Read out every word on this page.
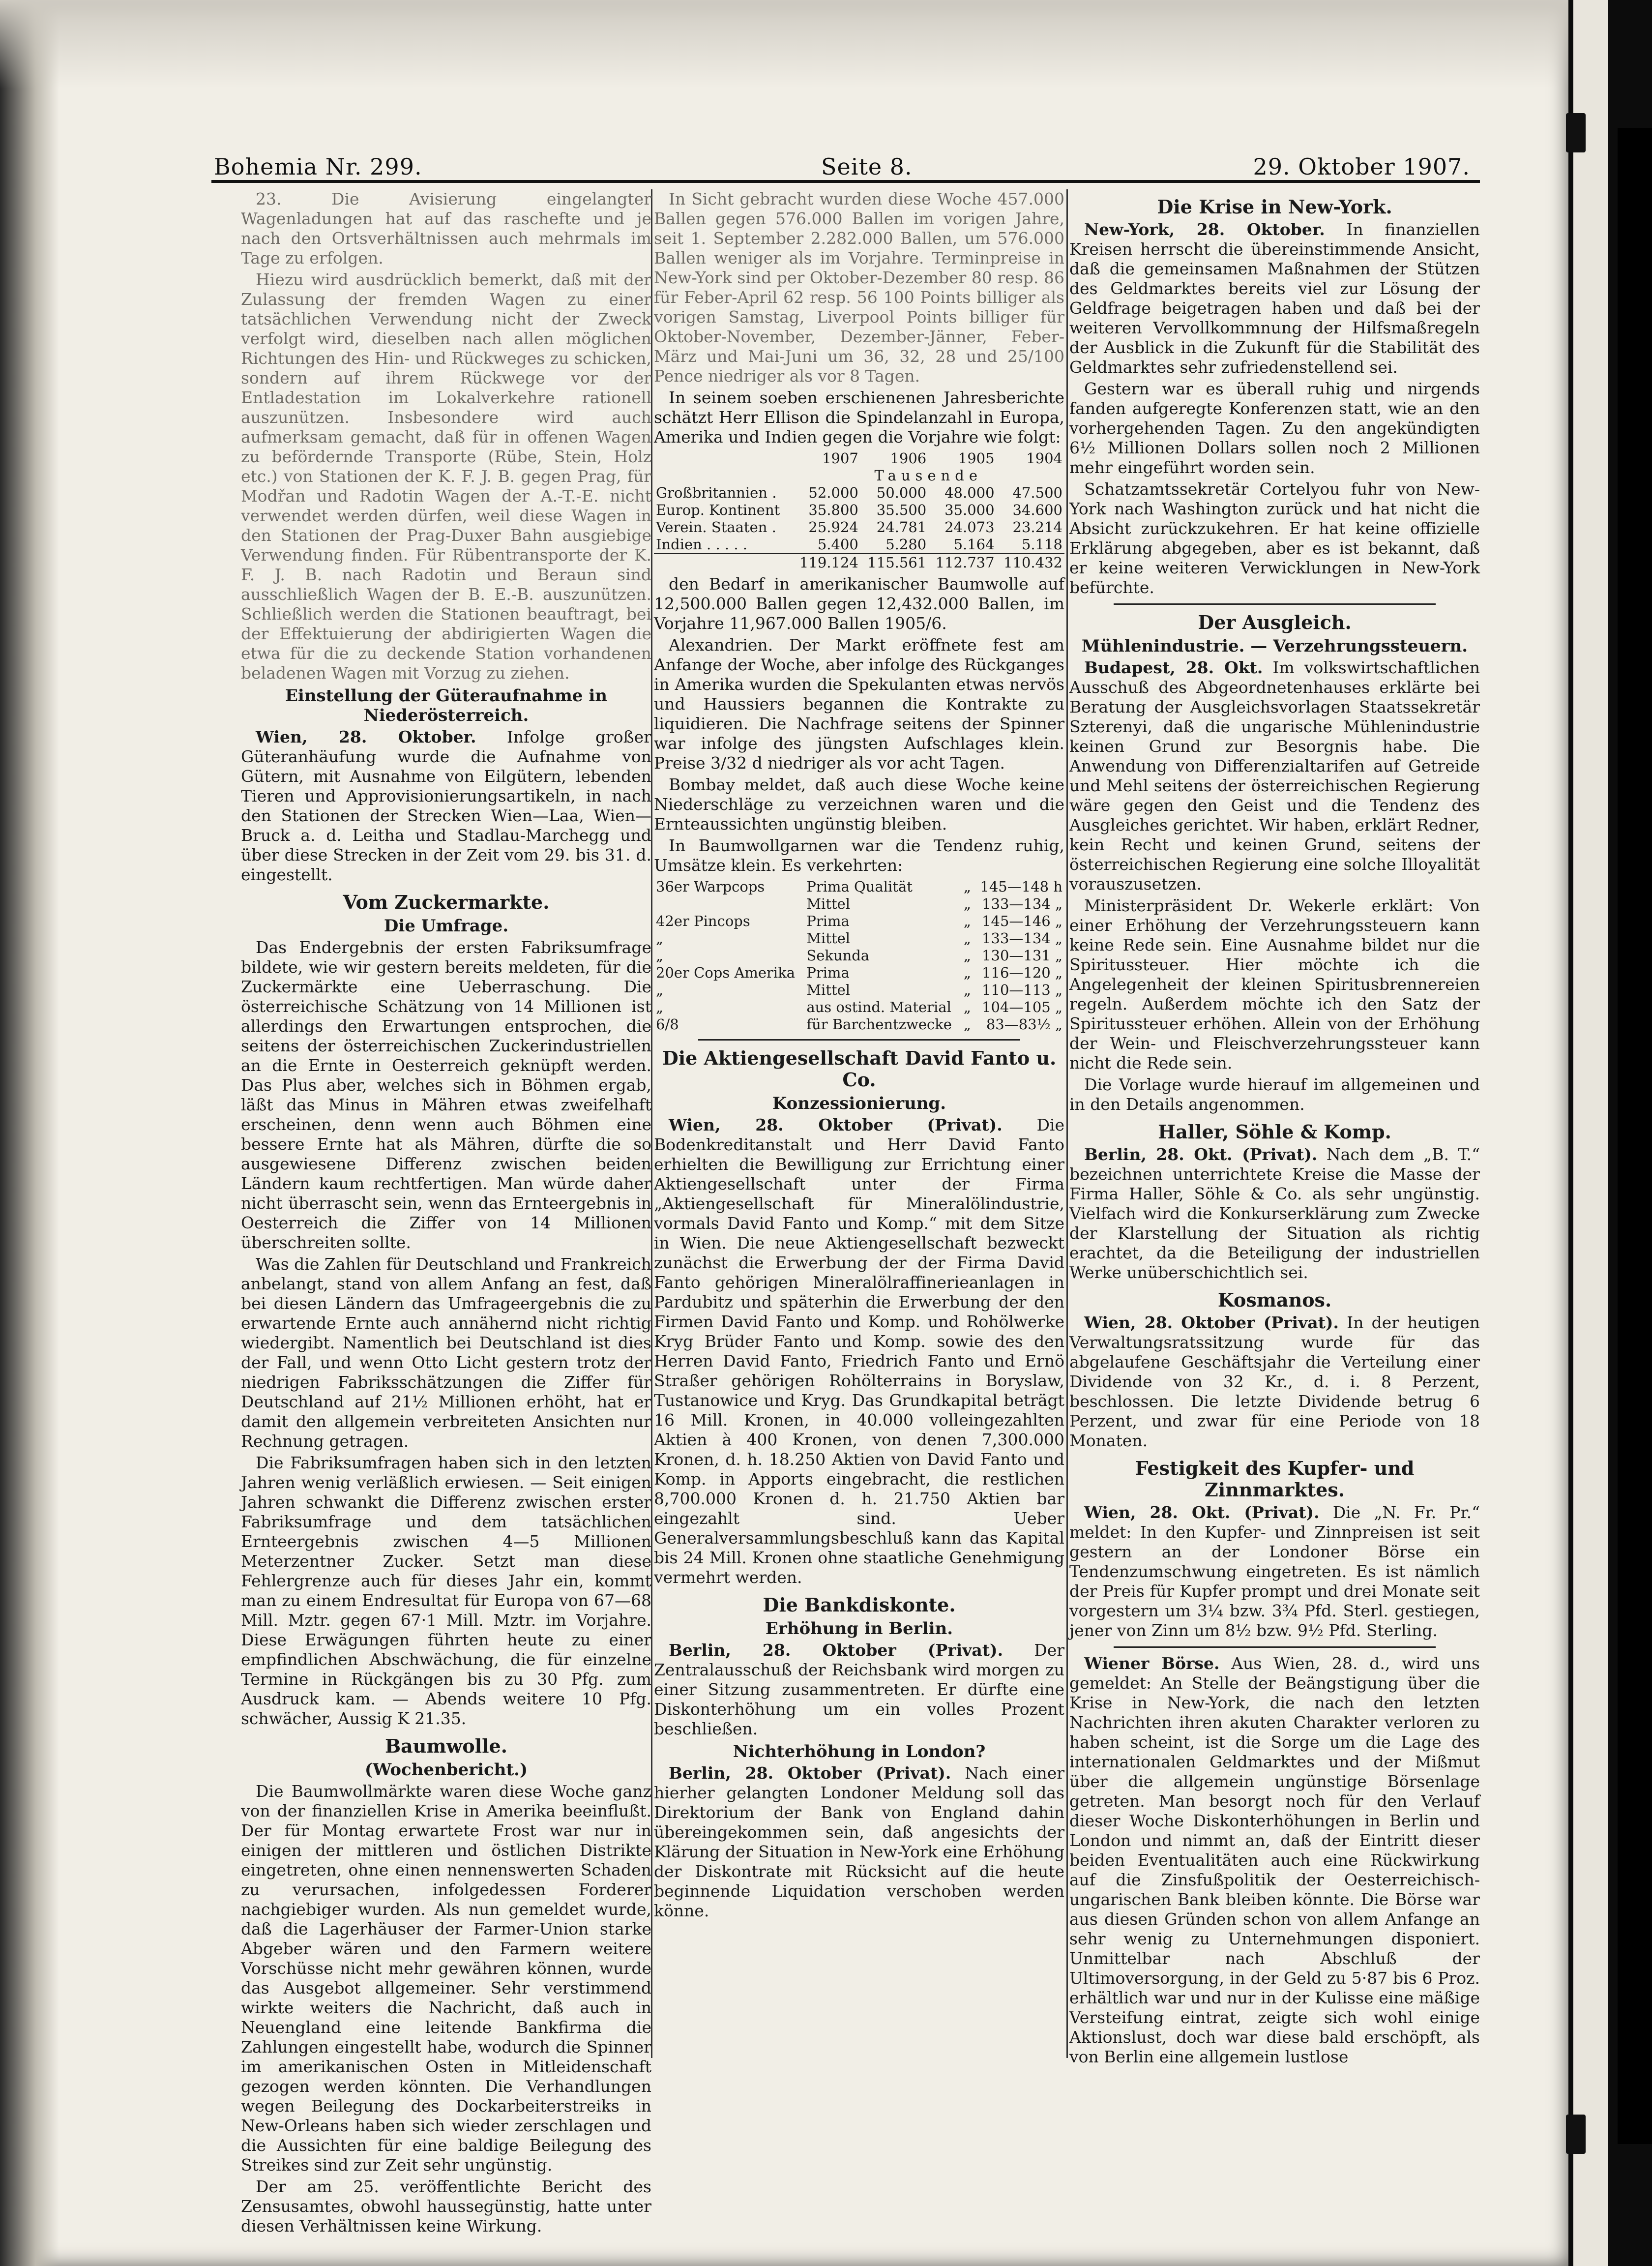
Bohemia Nr. 299.	Seite 8.	29. Oktober 1907.

23. Die Avisierung eingelangter Wagenladungen hat auf das raschefte und je nach den Ortsverhältnissen auch mehrmals im Tage zu erfolgen.

Hiezu wird ausdrücklich bemerkt, daß mit der Zulassung der fremden Wagen zu einer tatsächlichen Verwendung nicht der Zweck verfolgt wird, dieselben nach allen möglichen Richtungen des Hin- und Rückweges zu schicken, sondern auf ihrem Rückwege vor der Entladestation im Lokalverkehre rationell auszunützen. Insbesondere wird auch aufmerksam gemacht, daß für in offenen Wagen zu befördernde Transporte (Rübe, Stein, Holz etc.) von Stationen der K. F. J. B. gegen Prag, für Modřan und Radotin Wagen der A.-T.-E. nicht verwendet werden dürfen, weil diese Wagen in den Stationen der Prag-Duxer Bahn ausgiebige Verwendung finden. Für Rübentransporte der K. F. J. B. nach Radotin und Beraun sind ausschließlich Wagen der B. E.-B. auszunützen. Schließlich werden die Stationen beauftragt, bei der Effektuierung der abdirigierten Wagen die etwa für die zu deckende Station vorhandenen beladenen Wagen mit Vorzug zu ziehen.

Einstellung der Güteraufnahme in Niederösterreich.

Wien, 28. Oktober. Infolge großer Güteranhäufung wurde die Aufnahme von Gütern, mit Ausnahme von Eilgütern, lebenden Tieren und Approvisionierungsartikeln, in nach den Stationen der Strecken Wien—Laa, Wien—Bruck a. d. Leitha und Stadlau-Marchegg und über diese Strecken in der Zeit vom 29. bis 31. d. eingestellt.

Vom Zuckermarkte.
Die Umfrage.

Das Endergebnis der ersten Fabriksumfrage bildete, wie wir gestern bereits meldeten, für die Zuckermärkte eine Ueberraschung. Die österreichische Schätzung von 14 Millionen ist allerdings den Erwartungen entsprochen, die seitens der österreichischen Zuckerindustriellen an die Ernte in Oesterreich geknüpft werden. Das Plus aber, welches sich in Böhmen ergab, läßt das Minus in Mähren etwas zweifelhaft erscheinen, denn wenn auch Böhmen eine bessere Ernte hat als Mähren, dürfte die so ausgewiesene Differenz zwischen beiden Ländern kaum rechtfertigen. Man würde daher nicht überrascht sein, wenn das Ernteergebnis in Oesterreich die Ziffer von 14 Millionen überschreiten sollte.

Was die Zahlen für Deutschland und Frankreich anbelangt, stand von allem Anfang an fest, daß bei diesen Ländern das Umfrageergebnis die zu erwartende Ernte auch annähernd nicht richtig wiedergibt. Namentlich bei Deutschland ist dies der Fall, und wenn Otto Licht gestern trotz der niedrigen Fabriksschätzungen die Ziffer für Deutschland auf 21½ Millionen erhöht, hat er damit den allgemein verbreiteten Ansichten nur Rechnung getragen.

Die Fabriksumfragen haben sich in den letzten Jahren wenig verläßlich erwiesen. — Seit einigen Jahren schwankt die Differenz zwischen erster Fabriksumfrage und dem tatsächlichen Ernteergebnis zwischen 4—5 Millionen Meterzentner Zucker. Setzt man diese Fehlergrenze auch für dieses Jahr ein, kommt man zu einem Endresultat für Europa von 67—68 Mill. Mztr. gegen 67·1 Mill. Mztr. im Vorjahre. Diese Erwägungen führten heute zu einer empfindlichen Abschwächung, die für einzelne Termine in Rückgängen bis zu 30 Pfg. zum Ausdruck kam. — Abends weitere 10 Pfg. schwächer, Aussig K 21.35.

Baumwolle.
(Wochenbericht.)

Die Baumwollmärkte waren diese Woche ganz von der finanziellen Krise in Amerika beeinflußt. Der für Montag erwartete Frost war nur in einigen der mittleren und östlichen Distrikte eingetreten, ohne einen nennenswerten Schaden zu verursachen, infolgedessen Forderer nachgiebiger wurden. Als nun gemeldet wurde, daß die Lagerhäuser der Farmer-Union starke Abgeber wären und den Farmern weitere Vorschüsse nicht mehr gewähren können, wurde das Ausgebot allgemeiner. Sehr verstimmend wirkte weiters die Nachricht, daß auch in Neuengland eine leitende Bankfirma die Zahlungen eingestellt habe, wodurch die Spinner im amerikanischen Osten in Mitleidenschaft gezogen werden könnten. Die Verhandlungen wegen Beilegung des Dockarbeiterstreiks in New-Orleans haben sich wieder zerschlagen und die Aussichten für eine baldige Beilegung des Streikes sind zur Zeit sehr ungünstig.

Der am 25. veröffentlichte Bericht des Zensusamtes, obwohl haussegünstig, hatte unter diesen Verhältnissen keine Wirkung.

In Sicht gebracht wurden diese Woche 457.000 Ballen gegen 576.000 Ballen im vorigen Jahre, seit 1. September 2.282.000 Ballen, um 576.000 Ballen weniger als im Vorjahre. Terminpreise in New-York sind per Oktober-Dezember 80 resp. 86 für Feber-April 62 resp. 56 100 Points billiger als vorigen Samstag, Liverpool Points billiger für Oktober-November, Dezember-Jänner, Feber-März und Mai-Juni um 36, 32, 28 und 25/100 Pence niedriger als vor 8 Tagen.

In seinem soeben erschienenen Jahresberichte schätzt Herr Ellison die Spindelanzahl in Europa, Amerika und Indien gegen die Vorjahre wie folgt:

	1907	1906	1905	1904
	Tausende			
Großbritannien .	52.000	50.000	48.000	47.500
Europ. Kontinent	35.800	35.500	35.000	34.600
Verein. Staaten .	25.924	24.781	24.073	23.214
Indien . . . . .	5.400	5.280	5.164	5.118
	119.124	115.561	112.737	110.432

den Bedarf in amerikanischer Baumwolle auf 12,500.000 Ballen gegen 12,432.000 Ballen, im Vorjahre 11,967.000 Ballen 1905/6.

Alexandrien. Der Markt eröffnete fest am Anfange der Woche, aber infolge des Rückganges in Amerika wurden die Spekulanten etwas nervös und Haussiers begannen die Kontrakte zu liquidieren. Die Nachfrage seitens der Spinner war infolge des jüngsten Aufschlages klein. Preise 3/32 d niedriger als vor acht Tagen.

Bombay meldet, daß auch diese Woche keine Niederschläge zu verzeichnen waren und die Ernteaussichten ungünstig bleiben.

In Baumwollgarnen war die Tendenz ruhig, Umsätze klein. Es verkehrten:

36er Warpcops	Prima Qualität	„	145—148 h
	Mittel	„	133—134 „
42er Pincops	Prima	„	145—146 „
„	Mittel	„	133—134 „
„	Sekunda	„	130—131 „
20er Cops Amerika	Prima	„	116—120 „
„	Mittel	„	110—113 „
„	aus ostind. Material	„	104—105 „
6/8	für Barchentzwecke	„	83—83½ „
Die Aktiengesellschaft David Fanto u. Co.
Konzessionierung.

Wien, 28. Oktober (Privat). Die Bodenkreditanstalt und Herr David Fanto erhielten die Bewilligung zur Errichtung einer Aktiengesellschaft unter der Firma „Aktiengesellschaft für Mineralölindustrie, vormals David Fanto und Komp.“ mit dem Sitze in Wien. Die neue Aktiengesellschaft bezweckt zunächst die Erwerbung der der Firma David Fanto gehörigen Mineralölraffinerieanlagen in Pardubitz und späterhin die Erwerbung der den Firmen David Fanto und Komp. und Rohölwerke Kryg Brüder Fanto und Komp. sowie des den Herren David Fanto, Friedrich Fanto und Ernö Straßer gehörigen Rohölterrains in Boryslaw, Tustanowice und Kryg. Das Grundkapital beträgt 16 Mill. Kronen, in 40.000 volleingezahlten Aktien à 400 Kronen, von denen 7,300.000 Kronen, d. h. 18.250 Aktien von David Fanto und Komp. in Apports eingebracht, die restlichen 8,700.000 Kronen d. h. 21.750 Aktien bar eingezahlt sind. Ueber Generalversammlungsbeschluß kann das Kapital bis 24 Mill. Kronen ohne staatliche Genehmigung vermehrt werden.

Die Bankdiskonte.
Erhöhung in Berlin.

Berlin, 28. Oktober (Privat). Der Zentralausschuß der Reichsbank wird morgen zu einer Sitzung zusammentreten. Er dürfte eine Diskonterhöhung um ein volles Prozent beschließen.

Nichterhöhung in London?

Berlin, 28. Oktober (Privat). Nach einer hierher gelangten Londoner Meldung soll das Direktorium der Bank von England dahin übereingekommen sein, daß angesichts der Klärung der Situation in New-York eine Erhöhung der Diskontrate mit Rücksicht auf die heute beginnende Liquidation verschoben werden könne.

Die Krise in New-York.

New-York, 28. Oktober. In finanziellen Kreisen herrscht die übereinstimmende Ansicht, daß die gemeinsamen Maßnahmen der Stützen des Geldmarktes bereits viel zur Lösung der Geldfrage beigetragen haben und daß bei der weiteren Vervollkommnung der Hilfsmaßregeln der Ausblick in die Zukunft für die Stabilität des Geldmarktes sehr zufriedenstellend sei.

Gestern war es überall ruhig und nirgends fanden aufgeregte Konferenzen statt, wie an den vorhergehenden Tagen. Zu den angekündigten 6½ Millionen Dollars sollen noch 2 Millionen mehr eingeführt worden sein.

Schatzamtssekretär Cortelyou fuhr von New-York nach Washington zurück und hat nicht die Absicht zurückzukehren. Er hat keine offizielle Erklärung abgegeben, aber es ist bekannt, daß er keine weiteren Verwicklungen in New-York befürchte.

Der Ausgleich.
Mühlenindustrie. — Verzehrungssteuern.

Budapest, 28. Okt. Im volkswirtschaftlichen Ausschuß des Abgeordnetenhauses erklärte bei Beratung der Ausgleichsvorlagen Staatssekretär Szterenyi, daß die ungarische Mühlenindustrie keinen Grund zur Besorgnis habe. Die Anwendung von Differenzialtarifen auf Getreide und Mehl seitens der österreichischen Regierung wäre gegen den Geist und die Tendenz des Ausgleiches gerichtet. Wir haben, erklärt Redner, kein Recht und keinen Grund, seitens der österreichischen Regierung eine solche Illoyalität vorauszusetzen.

Ministerpräsident Dr. Wekerle erklärt: Von einer Erhöhung der Verzehrungssteuern kann keine Rede sein. Eine Ausnahme bildet nur die Spiritussteuer. Hier möchte ich die Angelegenheit der kleinen Spiritusbrennereien regeln. Außerdem möchte ich den Satz der Spiritussteuer erhöhen. Allein von der Erhöhung der Wein- und Fleischverzehrungssteuer kann nicht die Rede sein.

Die Vorlage wurde hierauf im allgemeinen und in den Details angenommen.

Haller, Söhle & Komp.

Berlin, 28. Okt. (Privat). Nach dem „B. T.“ bezeichnen unterrichtete Kreise die Masse der Firma Haller, Söhle & Co. als sehr ungünstig. Vielfach wird die Konkurserklärung zum Zwecke der Klarstellung der Situation als richtig erachtet, da die Beteiligung der industriellen Werke unüberschichtlich sei.

Kosmanos.

Wien, 28. Oktober (Privat). In der heutigen Verwaltungsratssitzung wurde für das abgelaufene Geschäftsjahr die Verteilung einer Dividende von 32 Kr., d. i. 8 Perzent, beschlossen. Die letzte Dividende betrug 6 Perzent, und zwar für eine Periode von 18 Monaten.

Festigkeit des Kupfer- und Zinnmarktes.

Wien, 28. Okt. (Privat). Die „N. Fr. Pr.“ meldet: In den Kupfer- und Zinnpreisen ist seit gestern an der Londoner Börse ein Tendenzumschwung eingetreten. Es ist nämlich der Preis für Kupfer prompt und drei Monate seit vorgestern um 3¼ bzw. 3¾ Pfd. Sterl. gestiegen, jener von Zinn um 8½ bzw. 9½ Pfd. Sterling.

Wiener Börse. Aus Wien, 28. d., wird uns gemeldet: An Stelle der Beängstigung über die Krise in New-York, die nach den letzten Nachrichten ihren akuten Charakter verloren zu haben scheint, ist die Sorge um die Lage des internationalen Geldmarktes und der Mißmut über die allgemein ungünstige Börsenlage getreten. Man besorgt noch für den Verlauf dieser Woche Diskonterhöhungen in Berlin und London und nimmt an, daß der Eintritt dieser beiden Eventualitäten auch eine Rückwirkung auf die Zinsfußpolitik der Oesterreichisch-ungarischen Bank bleiben könnte. Die Börse war aus diesen Gründen schon von allem Anfange an sehr wenig zu Unternehmungen disponiert. Unmittelbar nach Abschluß der Ultimoversorgung, in der Geld zu 5·87 bis 6 Proz. erhältlich war und nur in der Kulisse eine mäßige Versteifung eintrat, zeigte sich wohl einige Aktionslust, doch war diese bald erschöpft, als von Berlin eine allgemein lustlose
